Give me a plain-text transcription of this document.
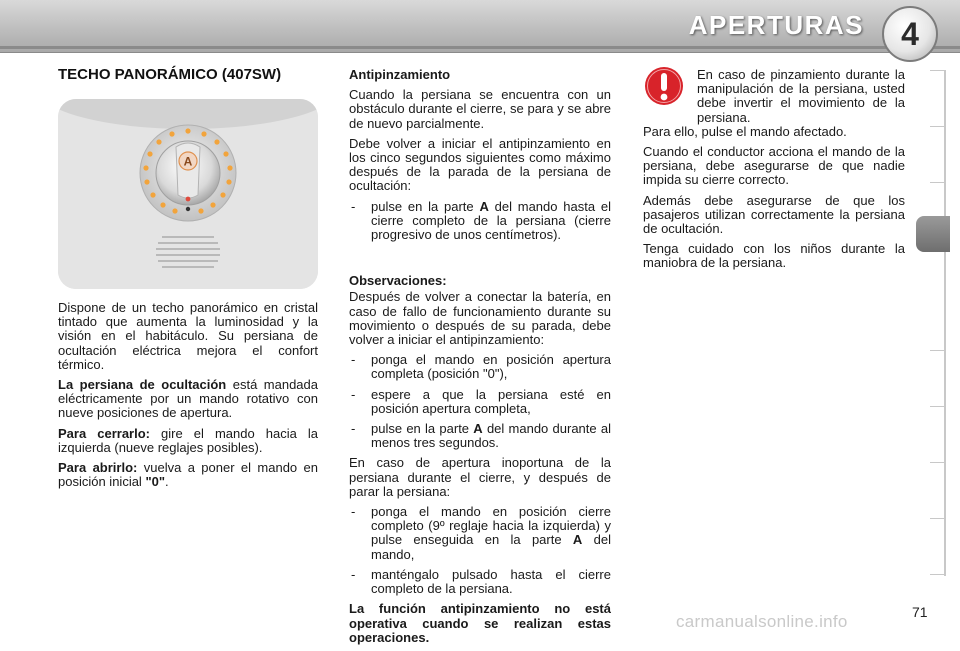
APERTURAS	4
TECHO PANORÁMICO (407SW)
A

Dispone de un techo panorámico en cristal tintado que aumenta la luminosidad y la visión en el habitáculo. Su persiana de ocultación eléctrica mejora el confort térmico.

La persiana de ocultación está mandada eléctricamente por un mando rotativo con nueve posiciones de apertura.

Para cerrarlo: gire el mando hacia la izquierda (nueve reglajes posibles).

Para abrirlo: vuelva a poner el mando en posición inicial "0".

Antipinzamiento

Cuando la persiana se encuentra con un obstáculo durante el cierre, se para y se abre de nuevo parcialmente.

Debe volver a iniciar el antipinzamiento en los cinco segundos siguientes como máximo después de la parada de la persiana de ocultación:

- pulse en la parte A del mando hasta el cierre completo de la persiana (cierre progresivo de unos centímetros).

Observaciones:

Después de volver a conectar la batería, en caso de fallo de funcionamiento durante su movimiento o después de su parada, debe volver a iniciar el antipinzamiento:

- ponga el mando en posición apertura completa (posición "0"),
- espere a que la persiana esté en posición apertura completa,
- pulse en la parte A del mando durante al menos tres segundos.

En caso de apertura inoportuna de la persiana durante el cierre, y después de parar la persiana:

- ponga el mando en posición cierre completo (9º reglaje hacia la izquierda) y pulse enseguida en la parte A del mando,
- manténgalo pulsado hasta el cierre completo de la persiana.

La función antipinzamiento no está operativa cuando se realizan estas operaciones.

En caso de pinzamiento durante la manipulación de la persiana, usted debe invertir el movimiento de la persiana.

Para ello, pulse el mando afectado.

Cuando el conductor acciona el mando de la persiana, debe asegurarse de que nadie impida su cierre correcto.

Además debe asegurarse de que los pasajeros utilizan correctamente la persiana de ocultación.

Tenga cuidado con los niños durante la maniobra de la persiana.

carmanualsonline.info	71
